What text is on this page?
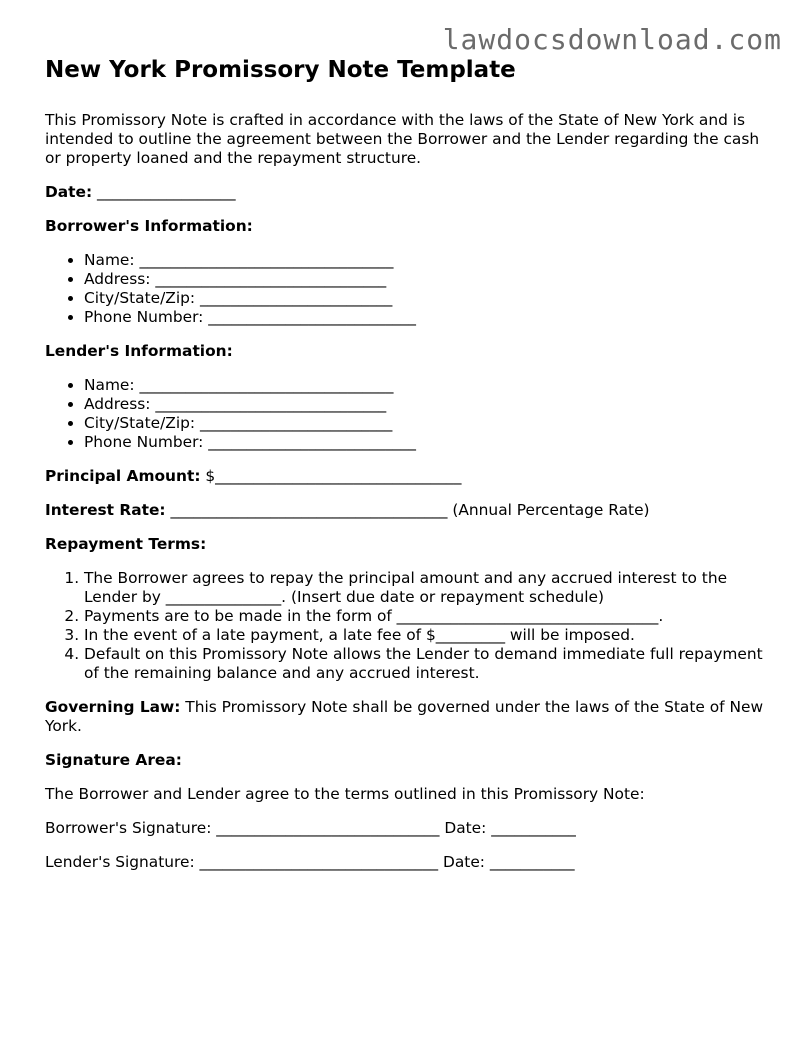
lawdocsdownload.com
New York Promissory Note Template

This Promissory Note is crafted in accordance with the laws of the State of New York and is intended to outline the agreement between the Borrower and the Lender regarding the cash or property loaned and the repayment structure.

Date: __________________

Borrower's Information:

• Name: _________________________________
• Address: ______________________________
• City/State/Zip: _________________________
• Phone Number: ___________________________

Lender's Information:

• Name: _________________________________
• Address: ______________________________
• City/State/Zip: _________________________
• Phone Number: ___________________________

Principal Amount: $________________________________

Interest Rate: ____________________________________ (Annual Percentage Rate)

Repayment Terms:

1. The Borrower agrees to repay the principal amount and any accrued interest to the Lender by _______________. (Insert due date or repayment schedule)
2. Payments are to be made in the form of __________________________________.
3. In the event of a late payment, a late fee of $_________ will be imposed.
4. Default on this Promissory Note allows the Lender to demand immediate full repayment of the remaining balance and any accrued interest.

Governing Law: This Promissory Note shall be governed under the laws of the State of New York.

Signature Area:

The Borrower and Lender agree to the terms outlined in this Promissory Note:

Borrower's Signature: _____________________________ Date: ___________

Lender's Signature: _______________________________ Date: ___________
